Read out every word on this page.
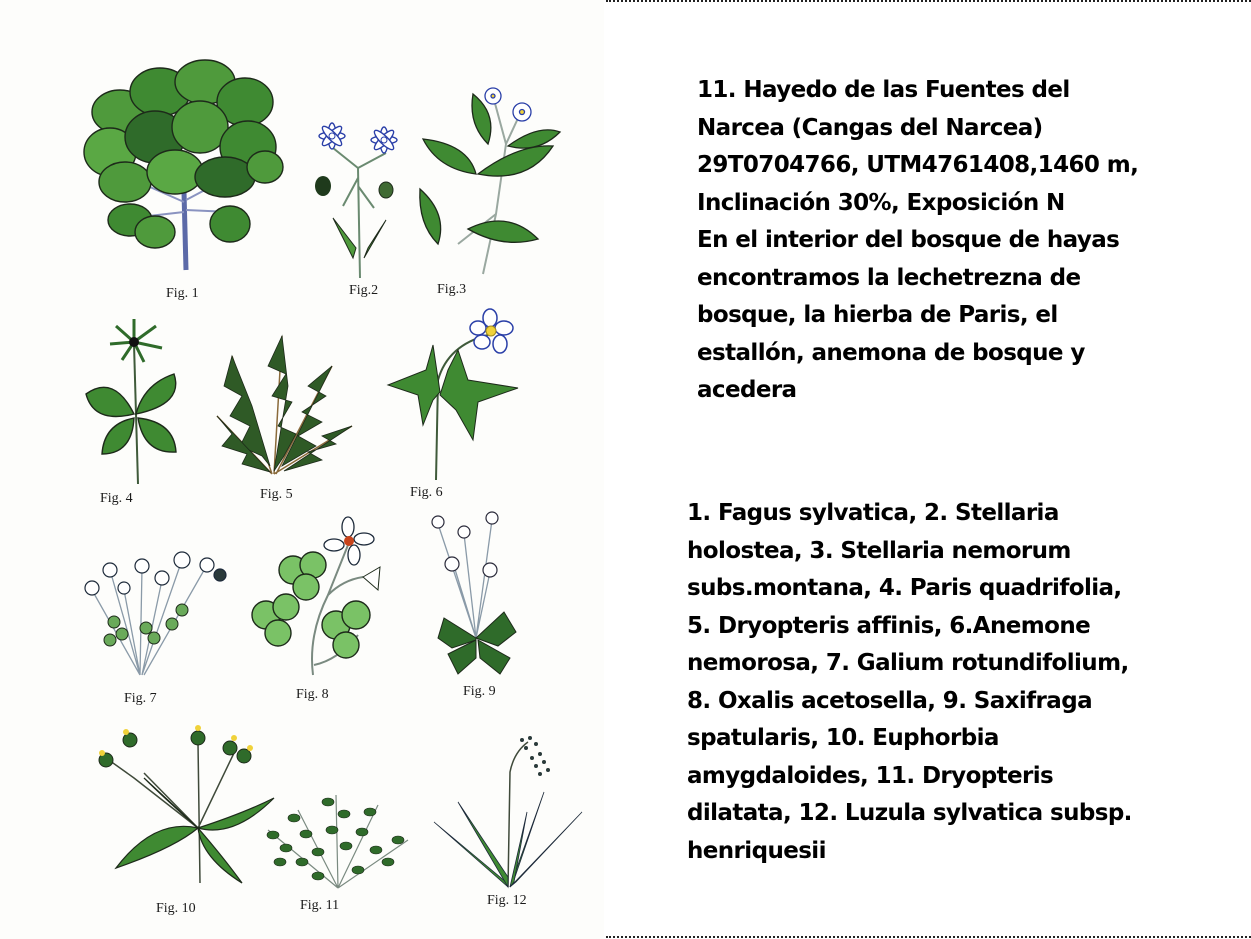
Fig. 1	Fig.2	Fig.3
Fig. 4	Fig. 5	Fig. 6
Fig. 7	Fig. 8	Fig. 9
Fig. 10	Fig. 11	Fig. 12
11. Hayedo de las Fuentes del
Narcea (Cangas del Narcea)
29T0704766, UTM4761408,1460 m,
Inclinación 30%, Exposición N
En el interior del bosque de hayas
encontramos la lechetrezna de
bosque, la hierba de Paris, el
estallón, anemona de bosque y
acedera
1. Fagus sylvatica, 2. Stellaria
holostea, 3. Stellaria nemorum
subs.montana, 4. Paris quadrifolia,
5. Dryopteris affinis, 6.Anemone
nemorosa, 7. Galium rotundifolium,
8. Oxalis acetosella, 9. Saxifraga
spatularis, 10. Euphorbia
amygdaloides, 11. Dryopteris
dilatata, 12. Luzula sylvatica subsp.
henriquesii
